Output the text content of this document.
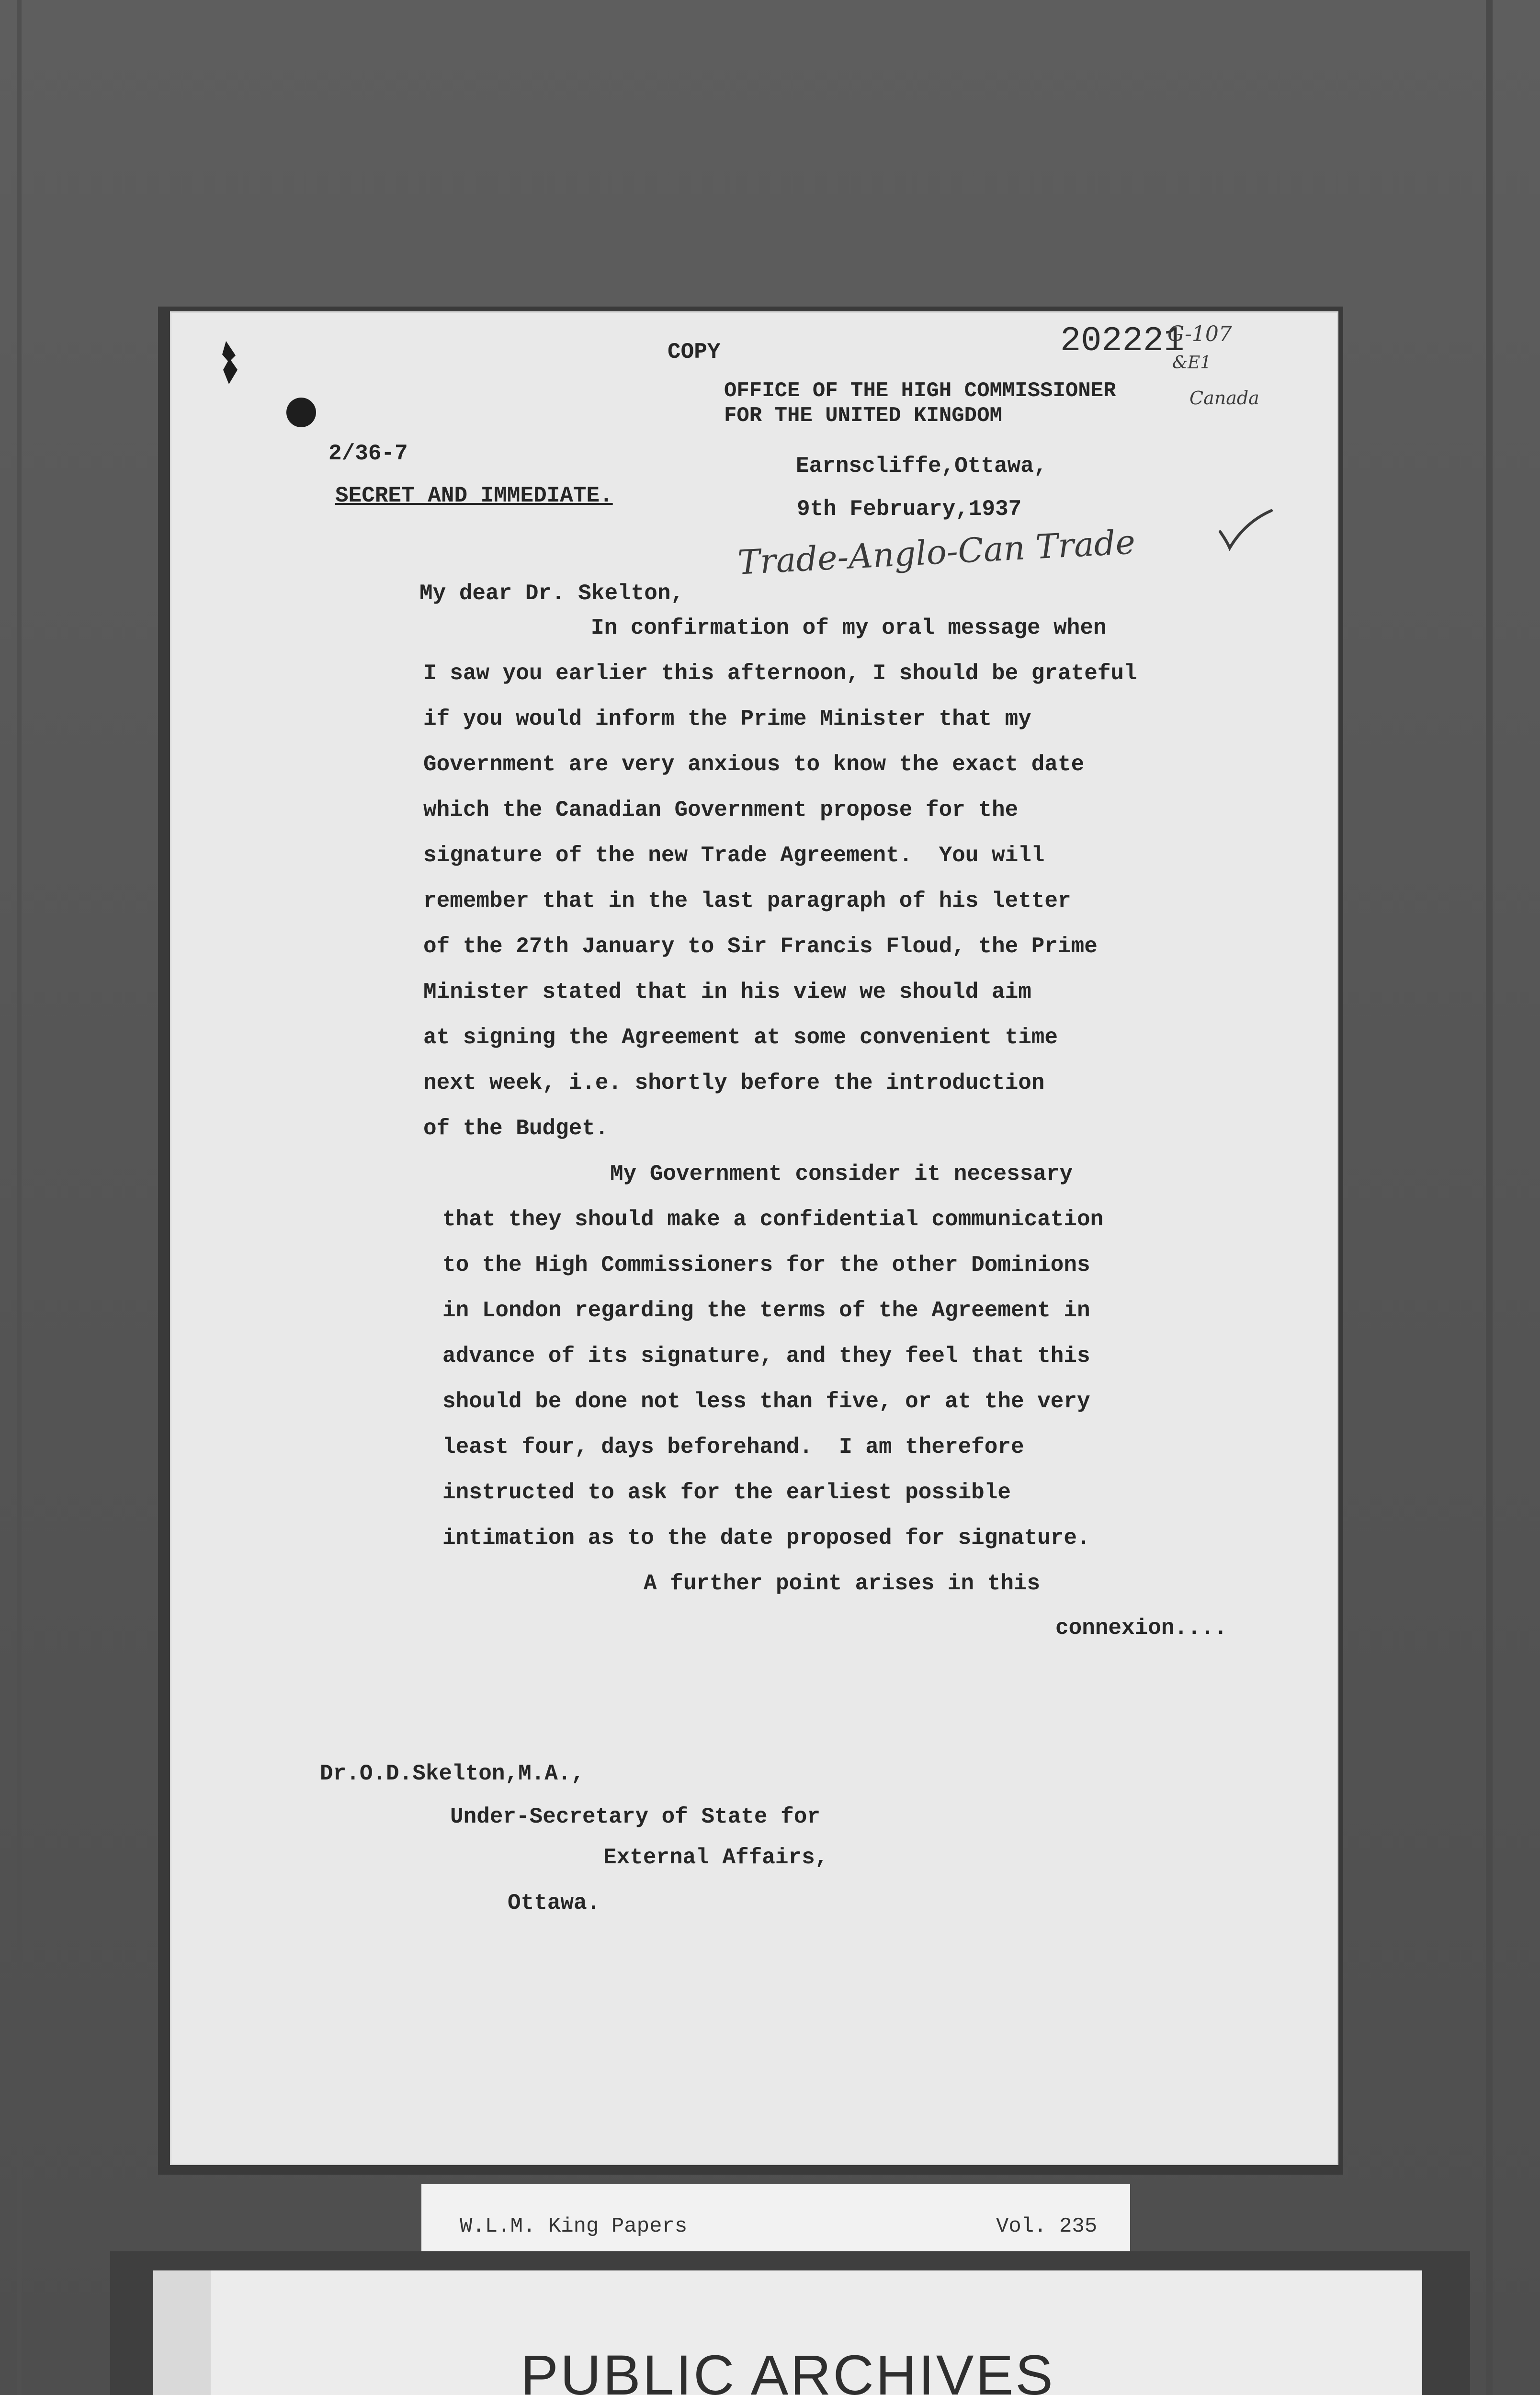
COPY	202221
G-107
&E1
Canada
OFFICE OF THE HIGH COMMISSIONER
FOR THE UNITED KINGDOM
2/36-7	Earnscliffe,Ottawa,
SECRET AND IMMEDIATE.
9th February,1937
Trade-Anglo-Can Trade
My dear Dr. Skelton,
In confirmation of my oral message when
I saw you earlier this afternoon, I should be grateful
if you would inform the Prime Minister that my
Government are very anxious to know the exact date
which the Canadian Government propose for the
signature of the new Trade Agreement.  You will
remember that in the last paragraph of his letter
of the 27th January to Sir Francis Floud, the Prime
Minister stated that in his view we should aim
at signing the Agreement at some convenient time
next week, i.e. shortly before the introduction
of the Budget.
My Government consider it necessary
that they should make a confidential communication
to the High Commissioners for the other Dominions
in London regarding the terms of the Agreement in
advance of its signature, and they feel that this
should be done not less than five, or at the very
least four, days beforehand.  I am therefore
instructed to ask for the earliest possible
intimation as to the date proposed for signature.
A further point arises in this
connexion....
Dr.O.D.Skelton,M.A.,
Under-Secretary of State for
External Affairs,
Ottawa.
W.L.M. King Papers	Vol. 235
PUBLIC ARCHIVES
